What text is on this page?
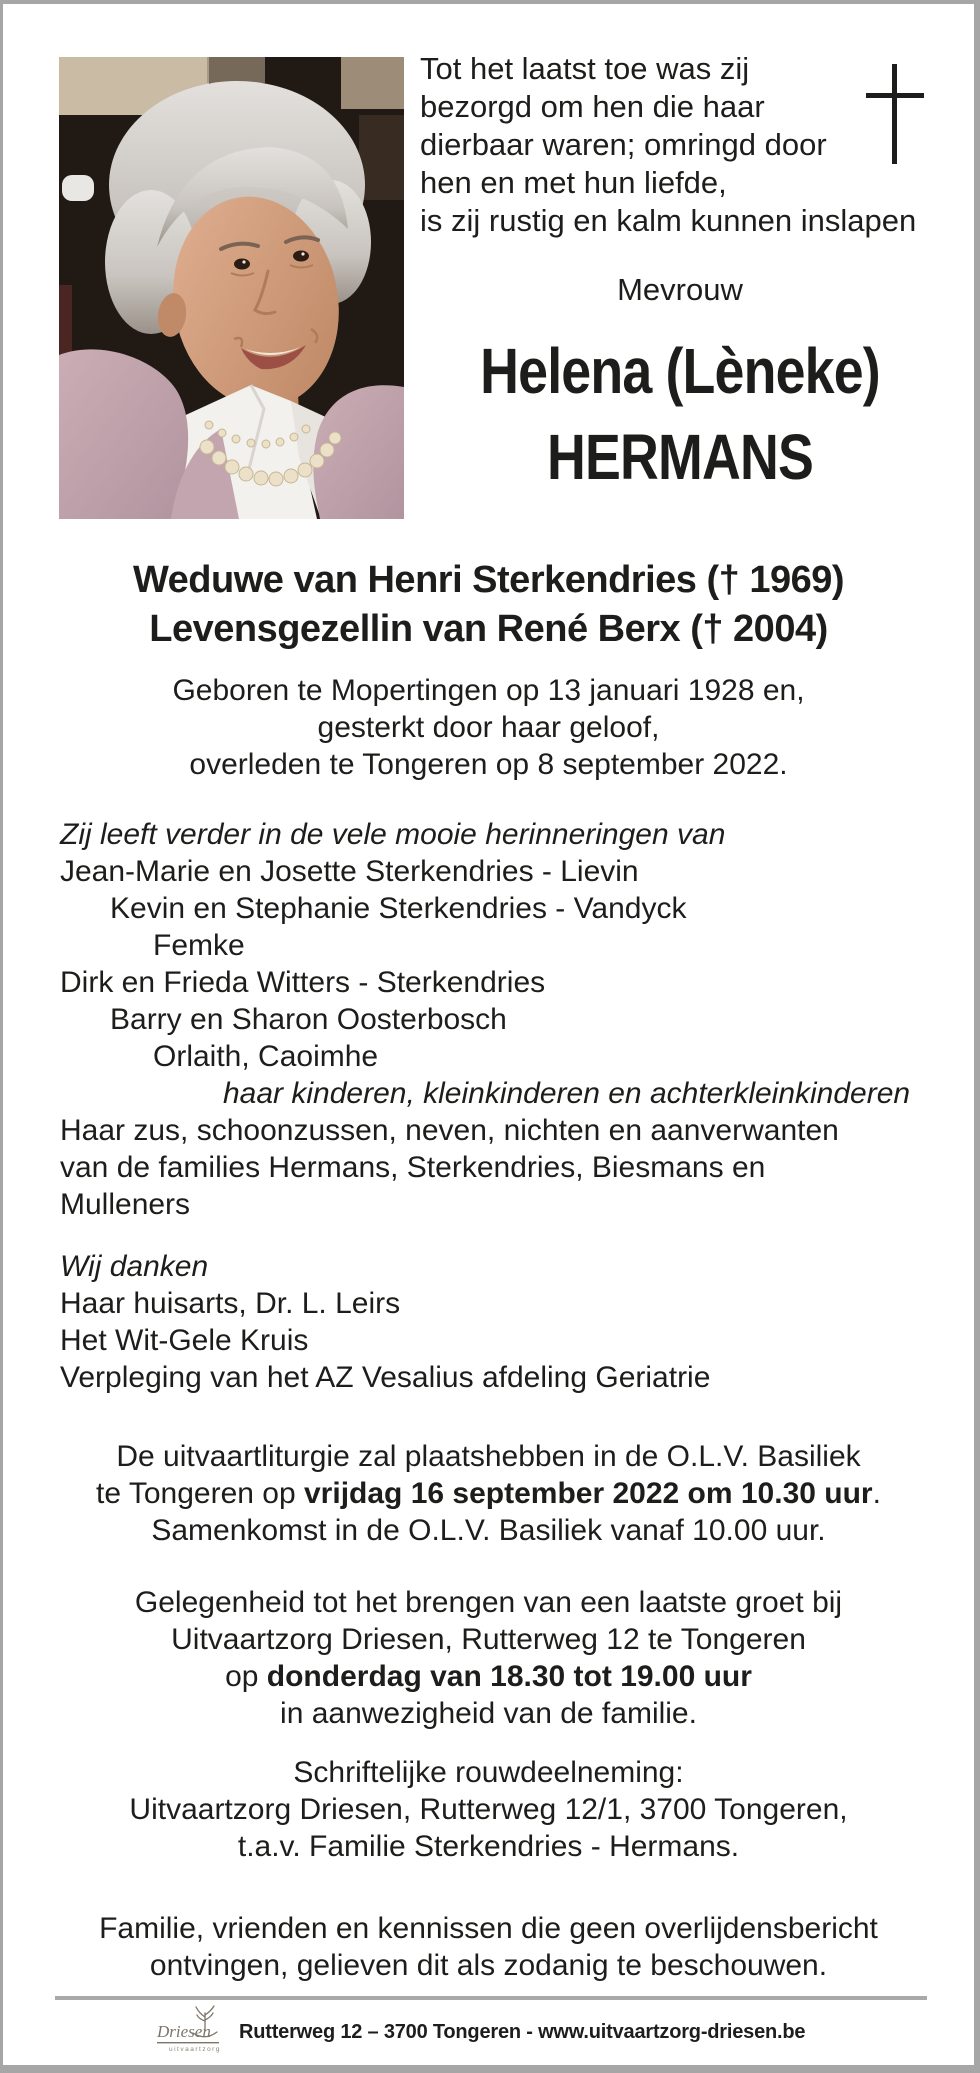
Tot het laatst toe was zij
bezorgd om hen die haar
dierbaar waren; omringd door
hen en met hun liefde,
is zij rustig en kalm kunnen inslapen
Mevrouw
Helena (Lèneke)
HERMANS
Weduwe van Henri Sterkendries († 1969)
Levensgezellin van René Berx († 2004)
Geboren te Mopertingen op 13 januari 1928 en,
gesterkt door haar geloof,
overleden te Tongeren op 8 september 2022.
Zij leeft verder in de vele mooie herinneringen van
Jean-Marie en Josette Sterkendries - Lievin
Kevin en Stephanie Sterkendries - Vandyck
Femke
Dirk en Frieda Witters - Sterkendries
Barry en Sharon Oosterbosch
Orlaith, Caoimhe
haar kinderen, kleinkinderen en achterkleinkinderen
Haar zus, schoonzussen, neven, nichten en aanverwanten
van de families Hermans, Sterkendries, Biesmans en
Mulleners
Wij danken
Haar huisarts, Dr. L. Leirs
Het Wit-Gele Kruis
Verpleging van het AZ Vesalius afdeling Geriatrie
De uitvaartliturgie zal plaatshebben in de O.L.V. Basiliek
te Tongeren op vrijdag 16 september 2022 om 10.30 uur.
Samenkomst in de O.L.V. Basiliek vanaf 10.00 uur.
Gelegenheid tot het brengen van een laatste groet bij
Uitvaartzorg Driesen, Rutterweg 12 te Tongeren
op donderdag van 18.30 tot 19.00 uur
in aanwezigheid van de familie.
Schriftelijke rouwdeelneming:
Uitvaartzorg Driesen, Rutterweg 12/1, 3700 Tongeren,
t.a.v. Familie Sterkendries - Hermans.
Familie, vrienden en kennissen die geen overlijdensbericht
ontvingen, gelieven dit als zodanig te beschouwen.
Driesen
uitvaartzorg
Rutterweg 12 – 3700 Tongeren - www.uitvaartzorg-driesen.be
